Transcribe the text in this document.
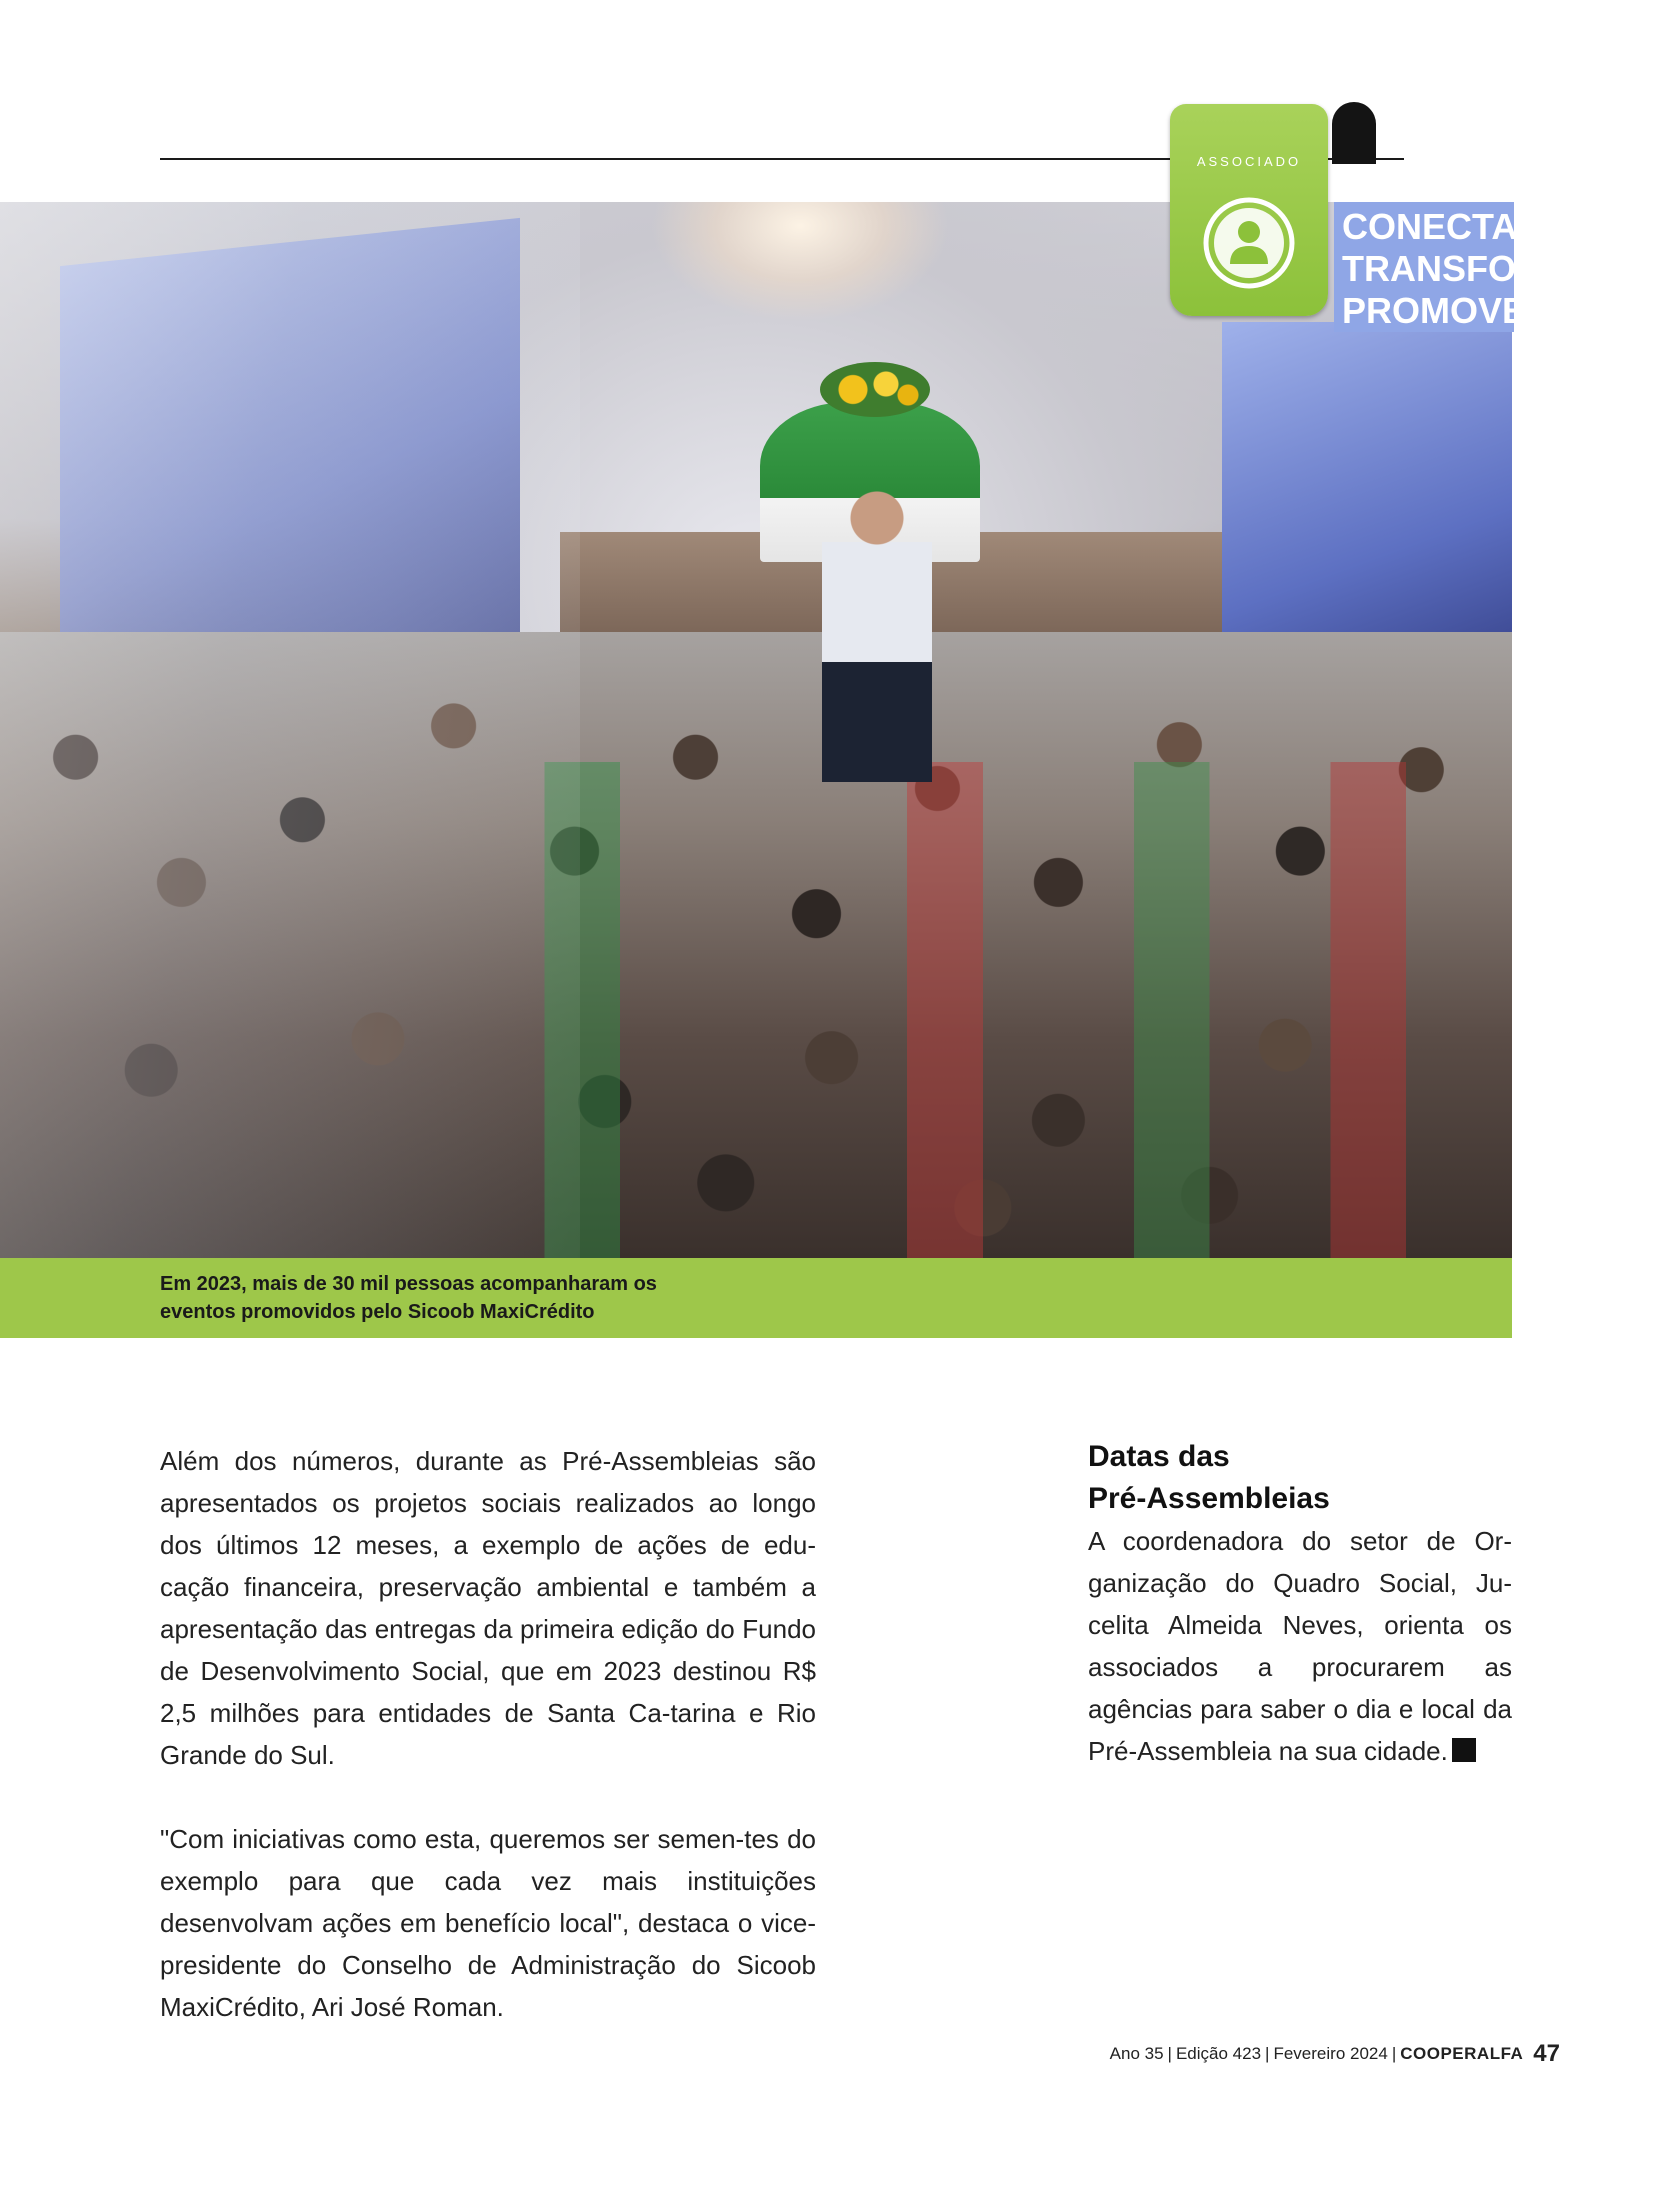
CONECTAR
TRANSFOR
PROMOVE
Em 2023, mais de 30 mil pessoas acompanharam os
eventos promovidos pelo Sicoob MaxiCrédito
ASSOCIADO

Além dos números, durante as Pré-Assembleias são apresentados os projetos sociais realizados ao longo dos últimos 12 meses, a exemplo de ações de edu-cação financeira, preservação ambiental e também a apresentação das entregas da primeira edição do Fundo de Desenvolvimento Social, que em 2023 destinou R$ 2,5 milhões para entidades de Santa Ca-tarina e Rio Grande do Sul.

"Com iniciativas como esta, queremos ser semen-tes do exemplo para que cada vez mais instituições desenvolvam ações em benefício local", destaca o vice-presidente do Conselho de Administração do Sicoob MaxiCrédito, Ari José Roman.

Datas das
Pré-Assembleias

A coordenadora do setor de Or-ganização do Quadro Social, Ju-celita Almeida Neves, orienta os associados a procurarem as agências para saber o dia e local da Pré-Assembleia na sua cidade.

Ano 35 | Edição 423 | Fevereiro 2024 | COOPERALFA 47
